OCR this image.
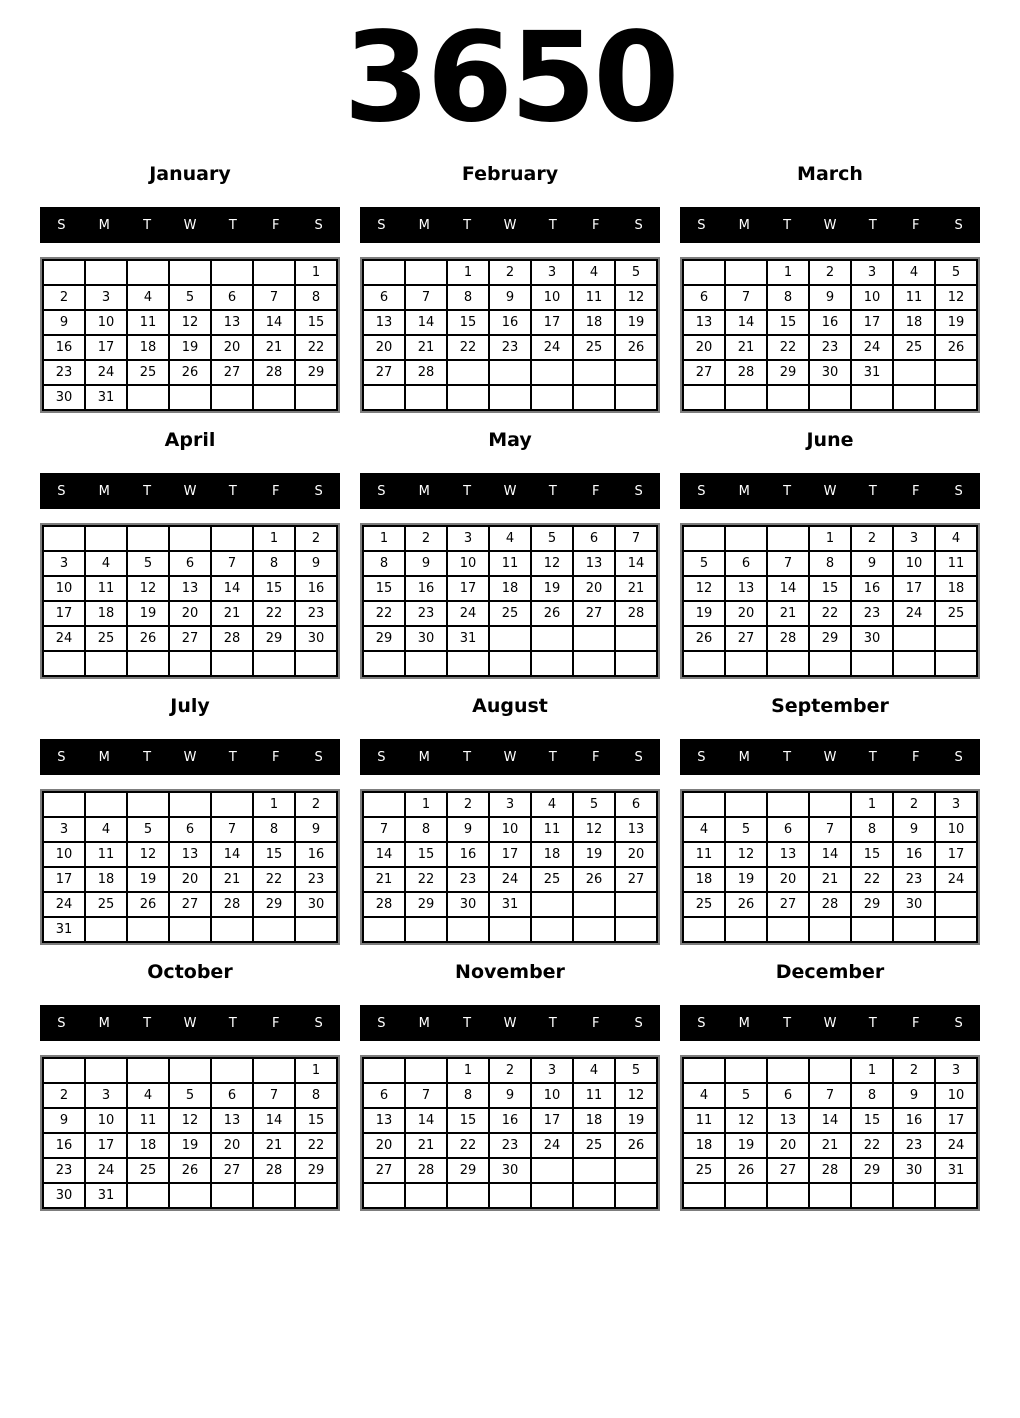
3650
January
S	M	T	W	T	F	S
						1
2	3	4	5	6	7	8
9	10	11	12	13	14	15
16	17	18	19	20	21	22
23	24	25	26	27	28	29
30	31					
February
S	M	T	W	T	F	S
		1	2	3	4	5
6	7	8	9	10	11	12
13	14	15	16	17	18	19
20	21	22	23	24	25	26
27	28					

March
S	M	T	W	T	F	S
		1	2	3	4	5
6	7	8	9	10	11	12
13	14	15	16	17	18	19
20	21	22	23	24	25	26
27	28	29	30	31		

April
S	M	T	W	T	F	S
					1	2
3	4	5	6	7	8	9
10	11	12	13	14	15	16
17	18	19	20	21	22	23
24	25	26	27	28	29	30

May
S	M	T	W	T	F	S
1	2	3	4	5	6	7
8	9	10	11	12	13	14
15	16	17	18	19	20	21
22	23	24	25	26	27	28
29	30	31				

June
S	M	T	W	T	F	S
			1	2	3	4
5	6	7	8	9	10	11
12	13	14	15	16	17	18
19	20	21	22	23	24	25
26	27	28	29	30		

July
S	M	T	W	T	F	S
					1	2
3	4	5	6	7	8	9
10	11	12	13	14	15	16
17	18	19	20	21	22	23
24	25	26	27	28	29	30
31						
August
S	M	T	W	T	F	S
	1	2	3	4	5	6
7	8	9	10	11	12	13
14	15	16	17	18	19	20
21	22	23	24	25	26	27
28	29	30	31			

September
S	M	T	W	T	F	S
				1	2	3
4	5	6	7	8	9	10
11	12	13	14	15	16	17
18	19	20	21	22	23	24
25	26	27	28	29	30	

October
S	M	T	W	T	F	S
						1
2	3	4	5	6	7	8
9	10	11	12	13	14	15
16	17	18	19	20	21	22
23	24	25	26	27	28	29
30	31					
November
S	M	T	W	T	F	S
		1	2	3	4	5
6	7	8	9	10	11	12
13	14	15	16	17	18	19
20	21	22	23	24	25	26
27	28	29	30			

December
S	M	T	W	T	F	S
				1	2	3
4	5	6	7	8	9	10
11	12	13	14	15	16	17
18	19	20	21	22	23	24
25	26	27	28	29	30	31
